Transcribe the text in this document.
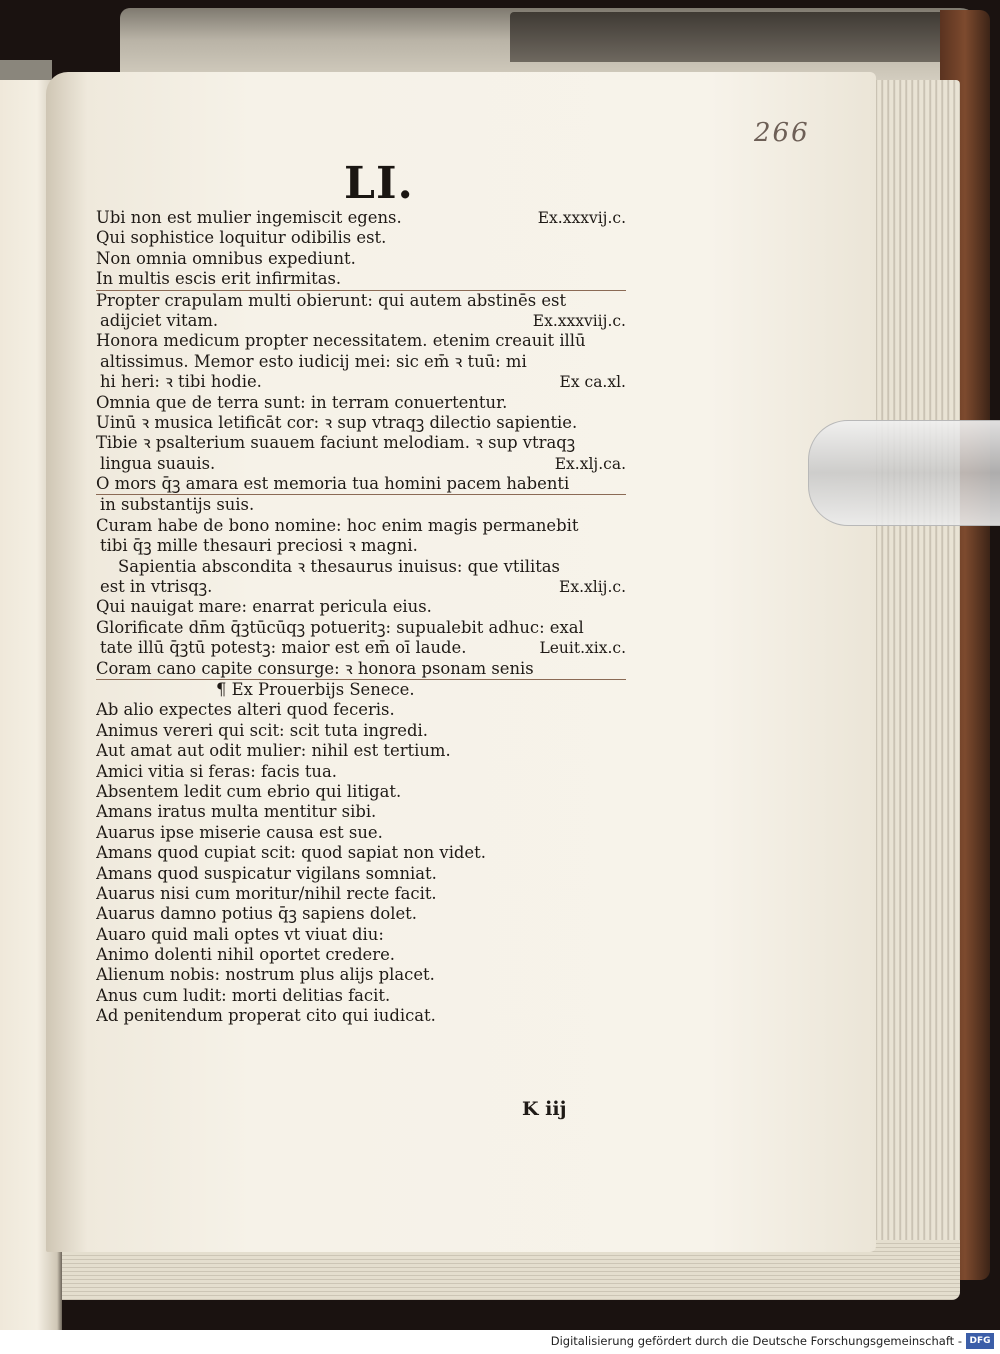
266
LI.
Ubi non est mulier ingemiscit egens.	Ex.xxxvij.c.
Qui sophistice loquitur odibilis est.
Non omnia omnibus expediunt.
In multis escis erit infirmitas.
Propter crapulam multi obierunt: qui autem abstinēs est
adijciet vitam.	Ex.xxxviij.c.
Honora medicum propter necessitatem. etenim creauit illū
altissimus. Memor esto iudicij mei: sic em̄ ꝛ tuū: mi
hi heri: ꝛ tibi hodie.	Ex ca.xl.
Omnia que de terra sunt: in terram conuertentur.
Uinū ꝛ musica letificāt cor: ꝛ sup vtraqꝫ dilectio sapientie.
Tibie ꝛ psalterium suauem faciunt melodiam. ꝛ sup vtraqꝫ
lingua suauis.	Ex.xlj.ca.
O mors q̄ꝫ amara est memoria tua homini pacem habenti
in substantijs suis.
Curam habe de bono nomine: hoc enim magis permanebit
tibi q̄ꝫ mille thesauri preciosi ꝛ magni.
Sapientia abscondita ꝛ thesaurus inuisus: que vtilitas
est in vtrisqꝫ.	Ex.xlij.c.
Qui nauigat mare: enarrat pericula eius.
Glorificate dn̄m q̄ꝫtūcūqꝫ potueritꝫ: supualebit adhuc: exal
tate illū q̄ꝫtū potestꝫ: maior est em̄ oī laude.	Leuit.xix.c.
Coram cano capite consurge: ꝛ honora psonam senis
¶ Ex Prouerbijs Senece.
Ab alio expectes alteri quod feceris.
Animus vereri qui scit: scit tuta ingredi.
Aut amat aut odit mulier: nihil est tertium.
Amici vitia si feras: facis tua.
Absentem ledit cum ebrio qui litigat.
Amans iratus multa mentitur sibi.
Auarus ipse miserie causa est sue.
Amans quod cupiat scit: quod sapiat non videt.
Amans quod suspicatur vigilans somniat.
Auarus nisi cum moritur/nihil recte facit.
Auarus damno potius q̄ꝫ sapiens dolet.
Auaro quid mali optes vt viuat diu:
Animo dolenti nihil oportet credere.
Alienum nobis: nostrum plus alijs placet.
Anus cum ludit: morti delitias facit.
Ad penitendum properat cito qui iudicat.
K iij
Digitalisierung gefördert durch die Deutsche Forschungsgemeinschaft - DFG
